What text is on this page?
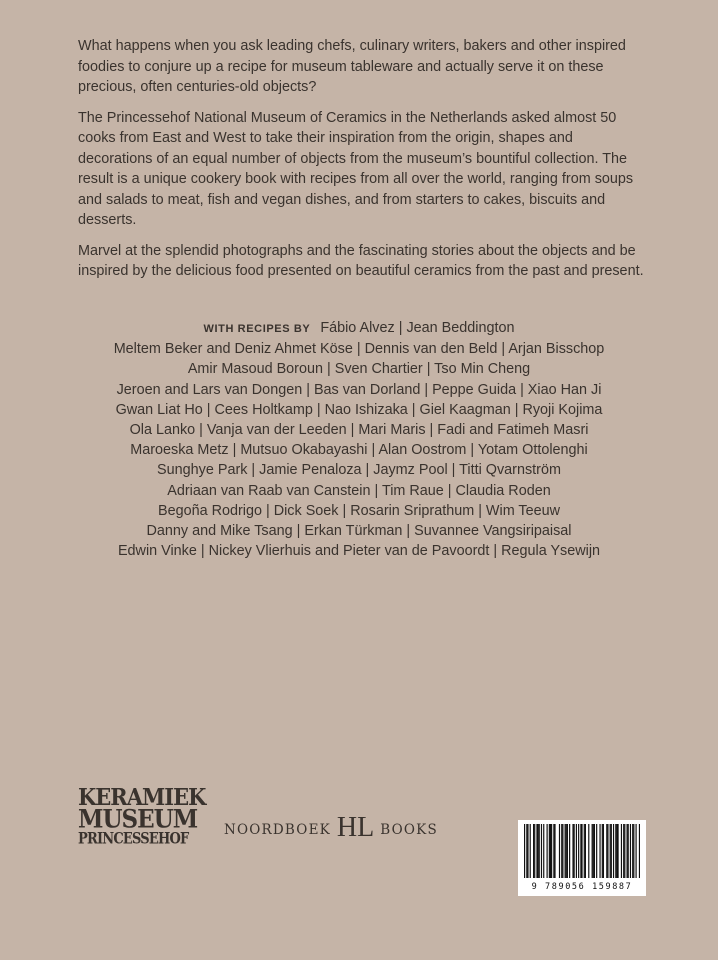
What happens when you ask leading chefs, culinary writers, bakers and other inspired foodies to conjure up a recipe for museum tableware and actually serve it on these precious, often centuries-old objects?

The Princessehof National Museum of Ceramics in the Netherlands asked almost 50 cooks from East and West to take their inspiration from the origin, shapes and decorations of an equal number of objects from the museum’s bountiful collection. The result is a unique cookery book with recipes from all over the world, ranging from soups and salads to meat, fish and vegan dishes, and from starters to cakes, biscuits and desserts.

Marvel at the splendid photographs and the fascinating stories about the objects and be inspired by the delicious food presented on beautiful ceramics from the past and present.

WITH RECIPES BY Fábio Alvez | Jean Beddington
Meltem Beker and Deniz Ahmet Köse | Dennis van den Beld | Arjan Bisschop
Amir Masoud Boroun | Sven Chartier | Tso Min Cheng
Jeroen and Lars van Dongen | Bas van Dorland | Peppe Guida | Xiao Han Ji
Gwan Liat Ho | Cees Holtkamp | Nao Ishizaka | Giel Kaagman | Ryoji Kojima
Ola Lanko | Vanja van der Leeden | Mari Maris | Fadi and Fatimeh Masri
Maroeska Metz | Mutsuo Okabayashi | Alan Oostrom | Yotam Ottolenghi
Sunghye Park | Jamie Penaloza | Jaymz Pool | Titti Qvarnström
Adriaan van Raab van Canstein | Tim Raue | Claudia Roden
Begoña Rodrigo | Dick Soek | Rosarin Sriprathum | Wim Teeuw
Danny and Mike Tsang | Erkan Türkman | Suvannee Vangsiripaisal
Edwin Vinke | Nickey Vlierhuis and Pieter van de Pavoordt | Regula Ysewijn
KERAMIEK
MUSEUM
PRINCESSEHOF
NOORDBOEK HL BOOKS
9 789056 159887
